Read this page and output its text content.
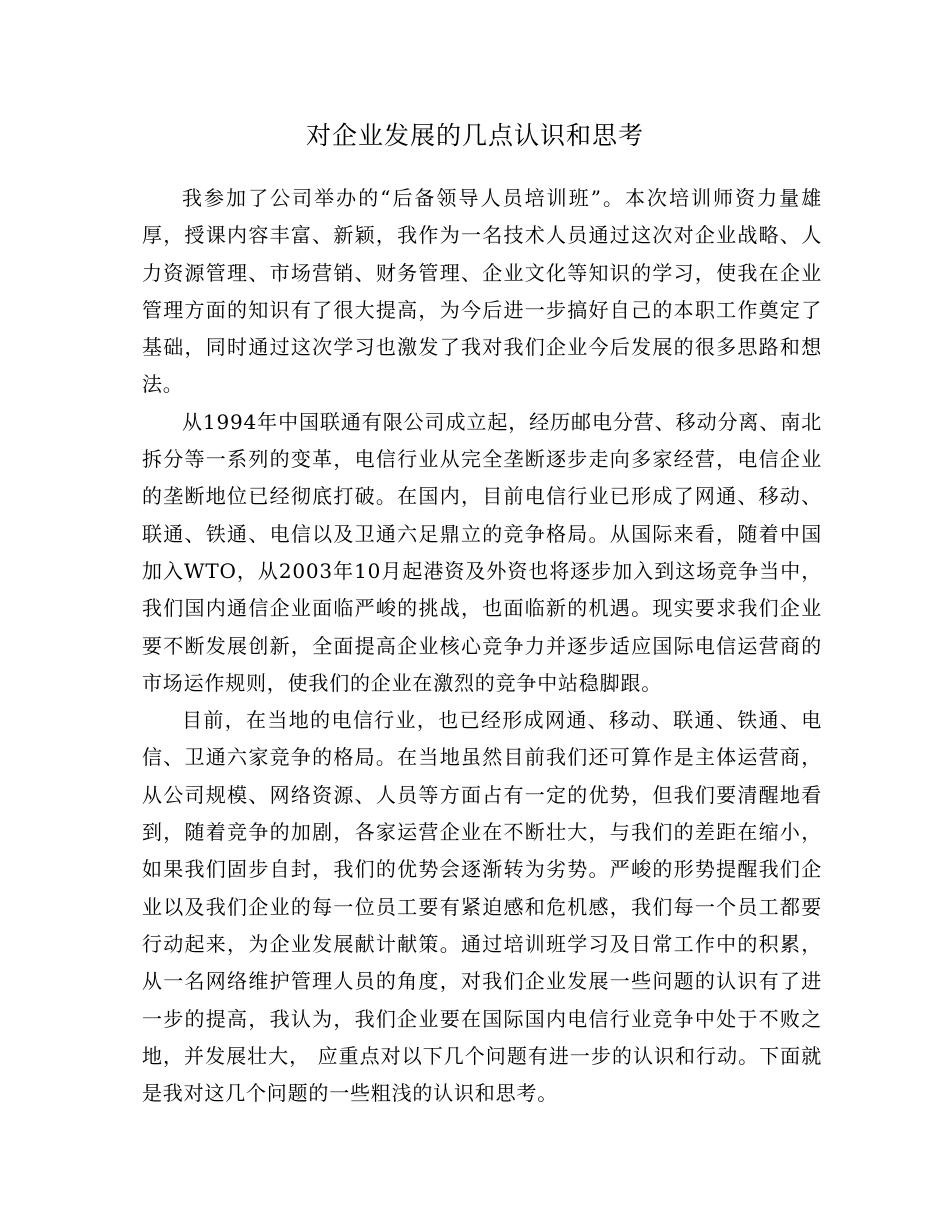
对企业发展的几点认识和思考

我参加了公司举办的“后备领导人员培训班”。本次培训师资力量雄厚，授课内容丰富、新颖，我作为一名技术人员通过这次对企业战略、人力资源管理、市场营销、财务管理、企业文化等知识的学习，使我在企业管理方面的知识有了很大提高，为今后进一步搞好自己的本职工作奠定了基础，同时通过这次学习也激发了我对我们企业今后发展的很多思路和想法。

从1994年中国联通有限公司成立起，经历邮电分营、移动分离、南北拆分等一系列的变革，电信行业从完全垄断逐步走向多家经营，电信企业的垄断地位已经彻底打破。在国内，目前电信行业已形成了网通、移动、联通、铁通、电信以及卫通六足鼎立的竞争格局。从国际来看，随着中国加入WTO，从2003年10月起港资及外资也将逐步加入到这场竞争当中，我们国内通信企业面临严峻的挑战，也面临新的机遇。现实要求我们企业要不断发展创新，全面提高企业核心竞争力并逐步适应国际电信运营商的市场运作规则，使我们的企业在激烈的竞争中站稳脚跟。

目前，在当地的电信行业，也已经形成网通、移动、联通、铁通、电信、卫通六家竞争的格局。在当地虽然目前我们还可算作是主体运营商，从公司规模、网络资源、人员等方面占有一定的优势，但我们要清醒地看到，随着竞争的加剧，各家运营企业在不断壮大，与我们的差距在缩小，如果我们固步自封，我们的优势会逐渐转为劣势。严峻的形势提醒我们企业以及我们企业的每一位员工要有紧迫感和危机感，我们每一个员工都要行动起来，为企业发展献计献策。通过培训班学习及日常工作中的积累，从一名网络维护管理人员的角度，对我们企业发展一些问题的认识有了进一步的提高，我认为，我们企业要在国际国内电信行业竞争中处于不败之地，并发展壮大， 应重点对以下几个问题有进一步的认识和行动。下面就是我对这几个问题的一些粗浅的认识和思考。
